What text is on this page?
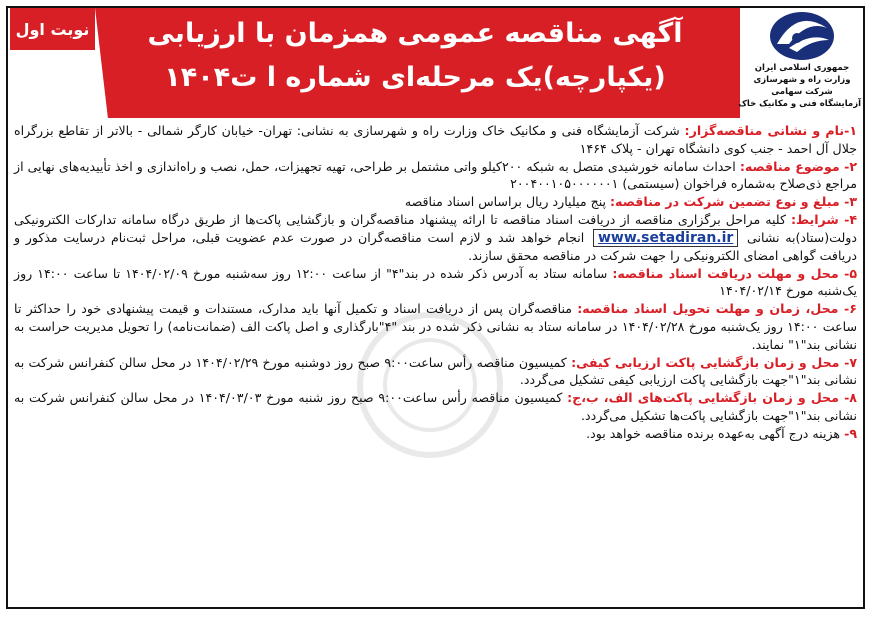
آگهی مناقصه عمومی همزمان با ارزیابی
(یکپارچه)یک مرحله‌ای شماره ا ت۱۴۰۴
نوبت اول
جمهوری اسلامی ایران
وزارت راه و شهرسازی
شرکت سهامی
آزمایشگاه فنی و مکانیک خاک
۱-نام و نشانی مناقصه‌گزار: شرکت آزمایشگاه فنی و مکانیک خاک وزارت راه و شهرسازی به نشانی: تهران- خیابان کارگر شمالی - بالاتر از تقاطع بزرگراه جلال آل احمد - جنب کوی دانشگاه تهران - پلاک ۱۴۶۴
۲- موضوع مناقصه: احداث سامانه خورشیدی متصل به شبکه ۲۰۰کیلو واتی مشتمل بر طراحی، تهیه تجهیزات، حمل، نصب و راه‌اندازی و اخذ تأییدیه‌های نهایی از مراجع ذی‌صلاح به‌شماره فراخوان (سیستمی) ۲۰۰۴۰۰۱۰۵۰۰۰۰۰۰۱
۳- مبلغ و نوع تضمین شرکت در مناقصه: پنج میلیارد ریال براساس اسناد مناقصه
۴- شرایط: کلیه مراحل برگزاری مناقصه از دریافت اسناد مناقصه تا ارائه پیشنهاد مناقصه‌گران و بازگشایی پاکت‌ها از طریق درگاه سامانه تدارکات الکترونیکی دولت(ستاد)به نشانی www.setadiran.ir انجام خواهد شد و لازم است مناقصه‌گران در صورت عدم عضویت قبلی، مراحل ثبت‌نام درسایت مذکور و دریافت گواهی امضای الکترونیکی را جهت شرکت در مناقصه محقق سازند.
۵- محل و مهلت دریافت اسناد مناقصه: سامانه ستاد به آدرس ذکر شده در بند"۴" از ساعت ۱۲:۰۰ روز سه‌شنبه مورخ ۱۴۰۴/۰۲/۰۹ تا ساعت ۱۴:۰۰ روز یک‌شنبه مورخ ۱۴۰۴/۰۲/۱۴
۶- محل، زمان و مهلت تحویل اسناد مناقصه: مناقصه‌گران پس از دریافت اسناد و تکمیل آنها باید مدارک، مستندات و قیمت پیشنهادی خود را حداکثر تا ساعت ۱۴:۰۰ روز یک‌شنبه مورخ ۱۴۰۴/۰۲/۲۸ در سامانه ستاد به نشانی ذکر شده در بند "۴"بارگذاری و اصل پاکت الف (ضمانت‌نامه) را تحویل مدیریت حراست به نشانی بند"۱" نمایند.
۷- محل و زمان بازگشایی پاکت ارزیابی کیفی: کمیسیون مناقصه رأس ساعت۹:۰۰ صبح روز دوشنبه مورخ ۱۴۰۴/۰۲/۲۹ در محل سالن کنفرانس شرکت به نشانی بند"۱"جهت بازگشایی پاکت ارزیابی کیفی تشکیل می‌گردد.
۸- محل و زمان بازگشایی پاکت‌های الف، ب،ج: کمیسیون مناقصه رأس ساعت۹:۰۰ صبح روز شنبه مورخ ۱۴۰۴/۰۳/۰۳ در محل سالن کنفرانس شرکت به نشانی بند"۱"جهت بازگشایی پاکت‌ها تشکیل می‌گردد.
۹- هزینه درج آگهی به‌عهده برنده مناقصه خواهد بود.
